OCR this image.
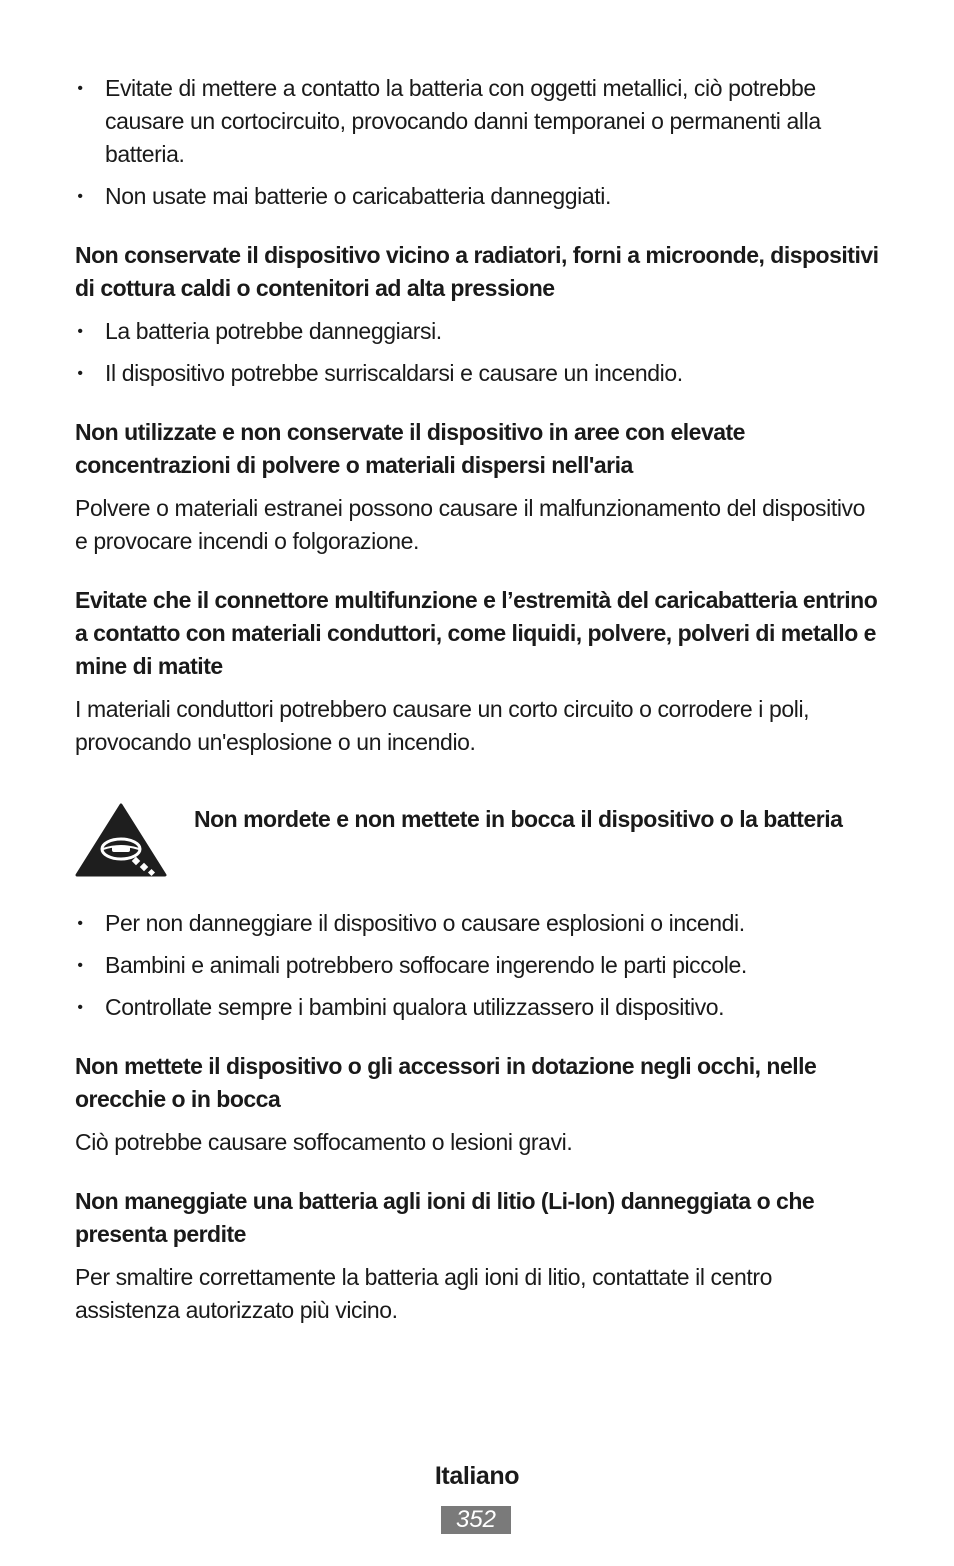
• Evitate di mettere a contatto la batteria con oggetti metallici, ciò potrebbe causare un cortocircuito, provocando danni temporanei o permanenti alla batteria.
• Non usate mai batterie o caricabatteria danneggiati.
Non conservate il dispositivo vicino a radiatori, forni a microonde, dispositivi di cottura caldi o contenitori ad alta pressione
• La batteria potrebbe danneggiarsi.
• Il dispositivo potrebbe surriscaldarsi e causare un incendio.
Non utilizzate e non conservate il dispositivo in aree con elevate concentrazioni di polvere o materiali dispersi nell'aria

Polvere o materiali estranei possono causare il malfunzionamento del dispositivo e provocare incendi o folgorazione.

Evitate che il connettore multifunzione e l’estremità del caricabatteria entrino a contatto con materiali conduttori, come liquidi, polvere, polveri di metallo e mine di matite

I materiali conduttori potrebbero causare un corto circuito o corrodere i poli, provocando un'esplosione o un incendio.

Non mordete e non mettete in bocca il dispositivo o la batteria

• Per non danneggiare il dispositivo o causare esplosioni o incendi.
• Bambini e animali potrebbero soffocare ingerendo le parti piccole.
• Controllate sempre i bambini qualora utilizzassero il dispositivo.
Non mettete il dispositivo o gli accessori in dotazione negli occhi, nelle orecchie o in bocca

Ciò potrebbe causare soffocamento o lesioni gravi.

Non maneggiate una batteria agli ioni di litio (Li-Ion) danneggiata o che presenta perdite

Per smaltire correttamente la batteria agli ioni di litio, contattate il centro assistenza autorizzato più vicino.

Italiano
352
